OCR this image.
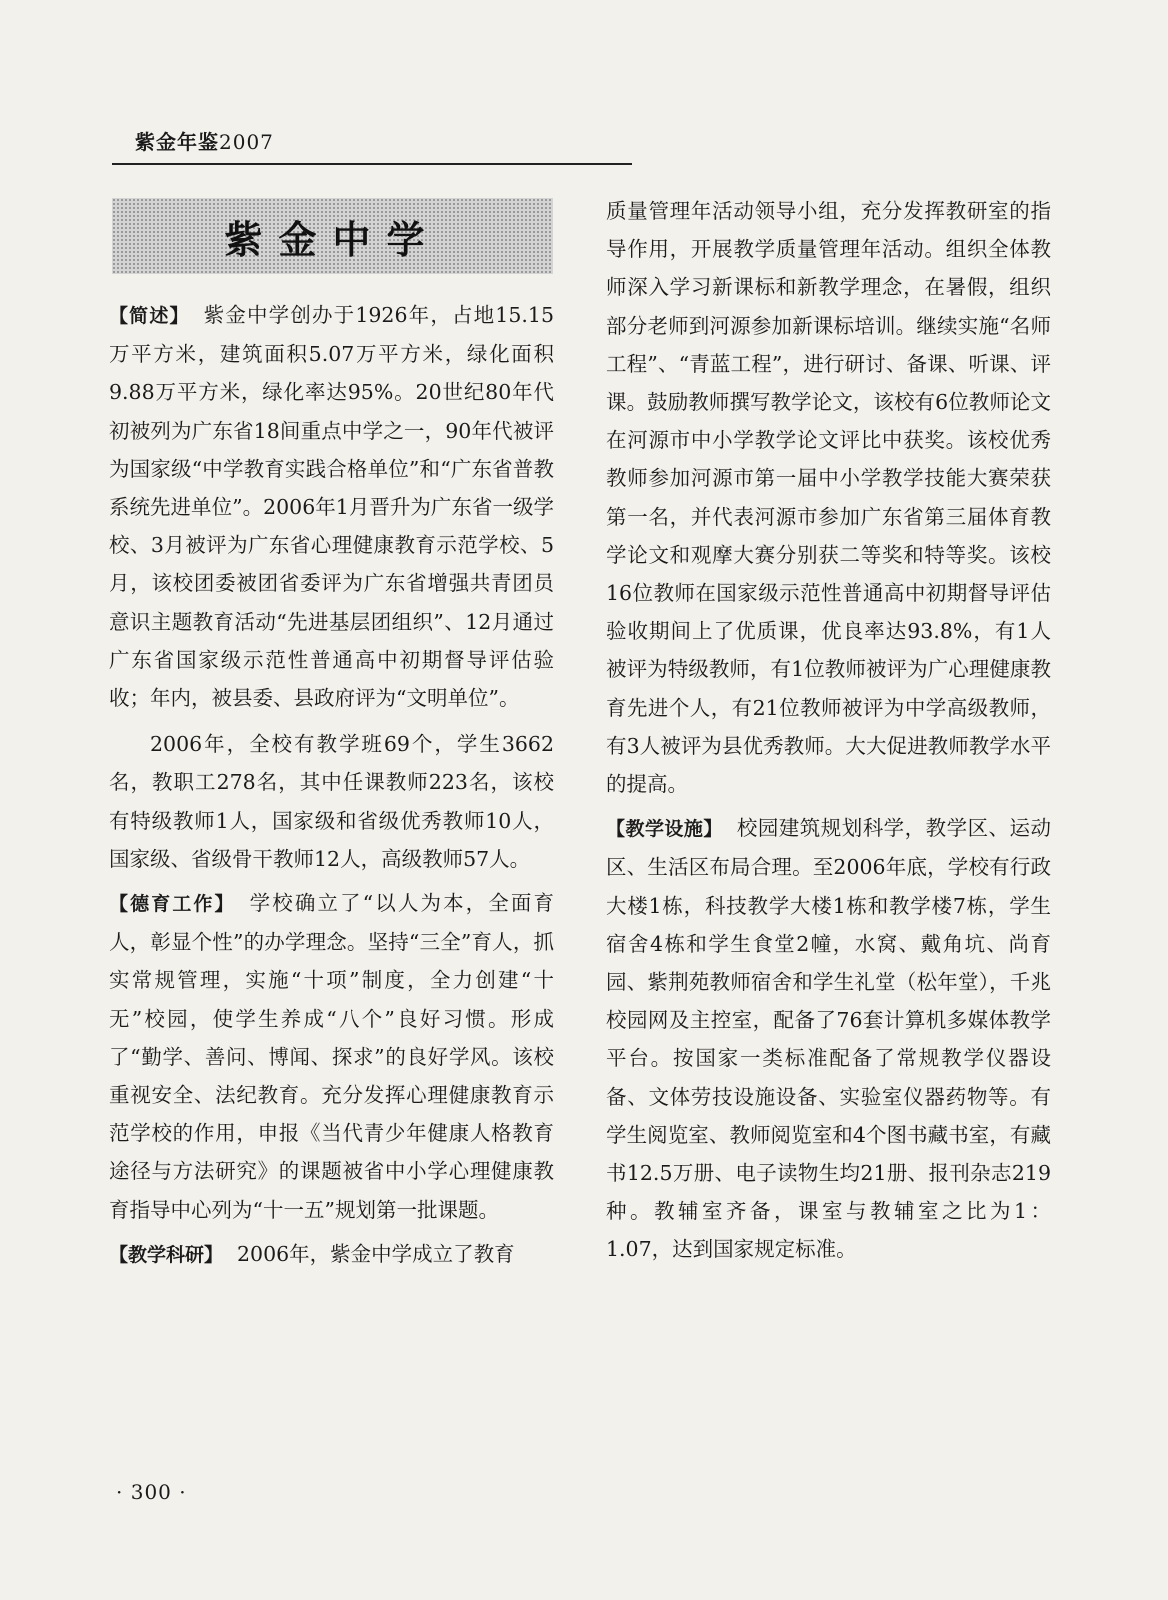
紫金年鉴2007
紫金中学

【简述】 紫金中学创办于1926年，占地15.15万平方米，建筑面积5.07万平方米，绿化面积9.88万平方米，绿化率达95%。20世纪80年代初被列为广东省18间重点中学之一，90年代被评为国家级“中学教育实践合格单位”和“广东省普教系统先进单位”。2006年1月晋升为广东省一级学校、3月被评为广东省心理健康教育示范学校、5月，该校团委被团省委评为广东省增强共青团员意识主题教育活动“先进基层团组织”、12月通过广东省国家级示范性普通高中初期督导评估验收；年内，被县委、县政府评为“文明单位”。

2006年，全校有教学班69个，学生3662名，教职工278名，其中任课教师223名，该校有特级教师1人，国家级和省级优秀教师10人，国家级、省级骨干教师12人，高级教师57人。

【德育工作】 学校确立了“以人为本，全面育人，彰显个性”的办学理念。坚持“三全”育人，抓实常规管理，实施“十项”制度，全力创建“十无”校园，使学生养成“八个”良好习惯。形成了“勤学、善问、博闻、探求”的良好学风。该校重视安全、法纪教育。充分发挥心理健康教育示范学校的作用，申报《当代青少年健康人格教育途径与方法研究》的课题被省中小学心理健康教育指导中心列为“十一五”规划第一批课题。

【教学科研】 2006年，紫金中学成立了教育

质量管理年活动领导小组，充分发挥教研室的指导作用，开展教学质量管理年活动。组织全体教师深入学习新课标和新教学理念，在暑假，组织部分老师到河源参加新课标培训。继续实施“名师工程”、“青蓝工程”，进行研讨、备课、听课、评课。鼓励教师撰写教学论文，该校有6位教师论文在河源市中小学教学论文评比中获奖。该校优秀教师参加河源市第一届中小学教学技能大赛荣获第一名，并代表河源市参加广东省第三届体育教学论文和观摩大赛分别获二等奖和特等奖。该校16位教师在国家级示范性普通高中初期督导评估验收期间上了优质课，优良率达93.8%，有1人被评为特级教师，有1位教师被评为广心理健康教育先进个人，有21位教师被评为中学高级教师，有3人被评为县优秀教师。大大促进教师教学水平的提高。

【教学设施】 校园建筑规划科学，教学区、运动区、生活区布局合理。至2006年底，学校有行政大楼1栋，科技教学大楼1栋和教学楼7栋，学生宿舍4栋和学生食堂2幢，水窝、戴角坑、尚育园、紫荆苑教师宿舍和学生礼堂（松年堂），千兆校园网及主控室，配备了76套计算机多媒体教学平台。按国家一类标准配备了常规教学仪器设备、文体劳技设施设备、实验室仪器药物等。有学生阅览室、教师阅览室和4个图书藏书室，有藏书12.5万册、电子读物生均21册、报刊杂志219种。教辅室齐备，课室与教辅室之比为1：1.07，达到国家规定标准。

· 300 ·
